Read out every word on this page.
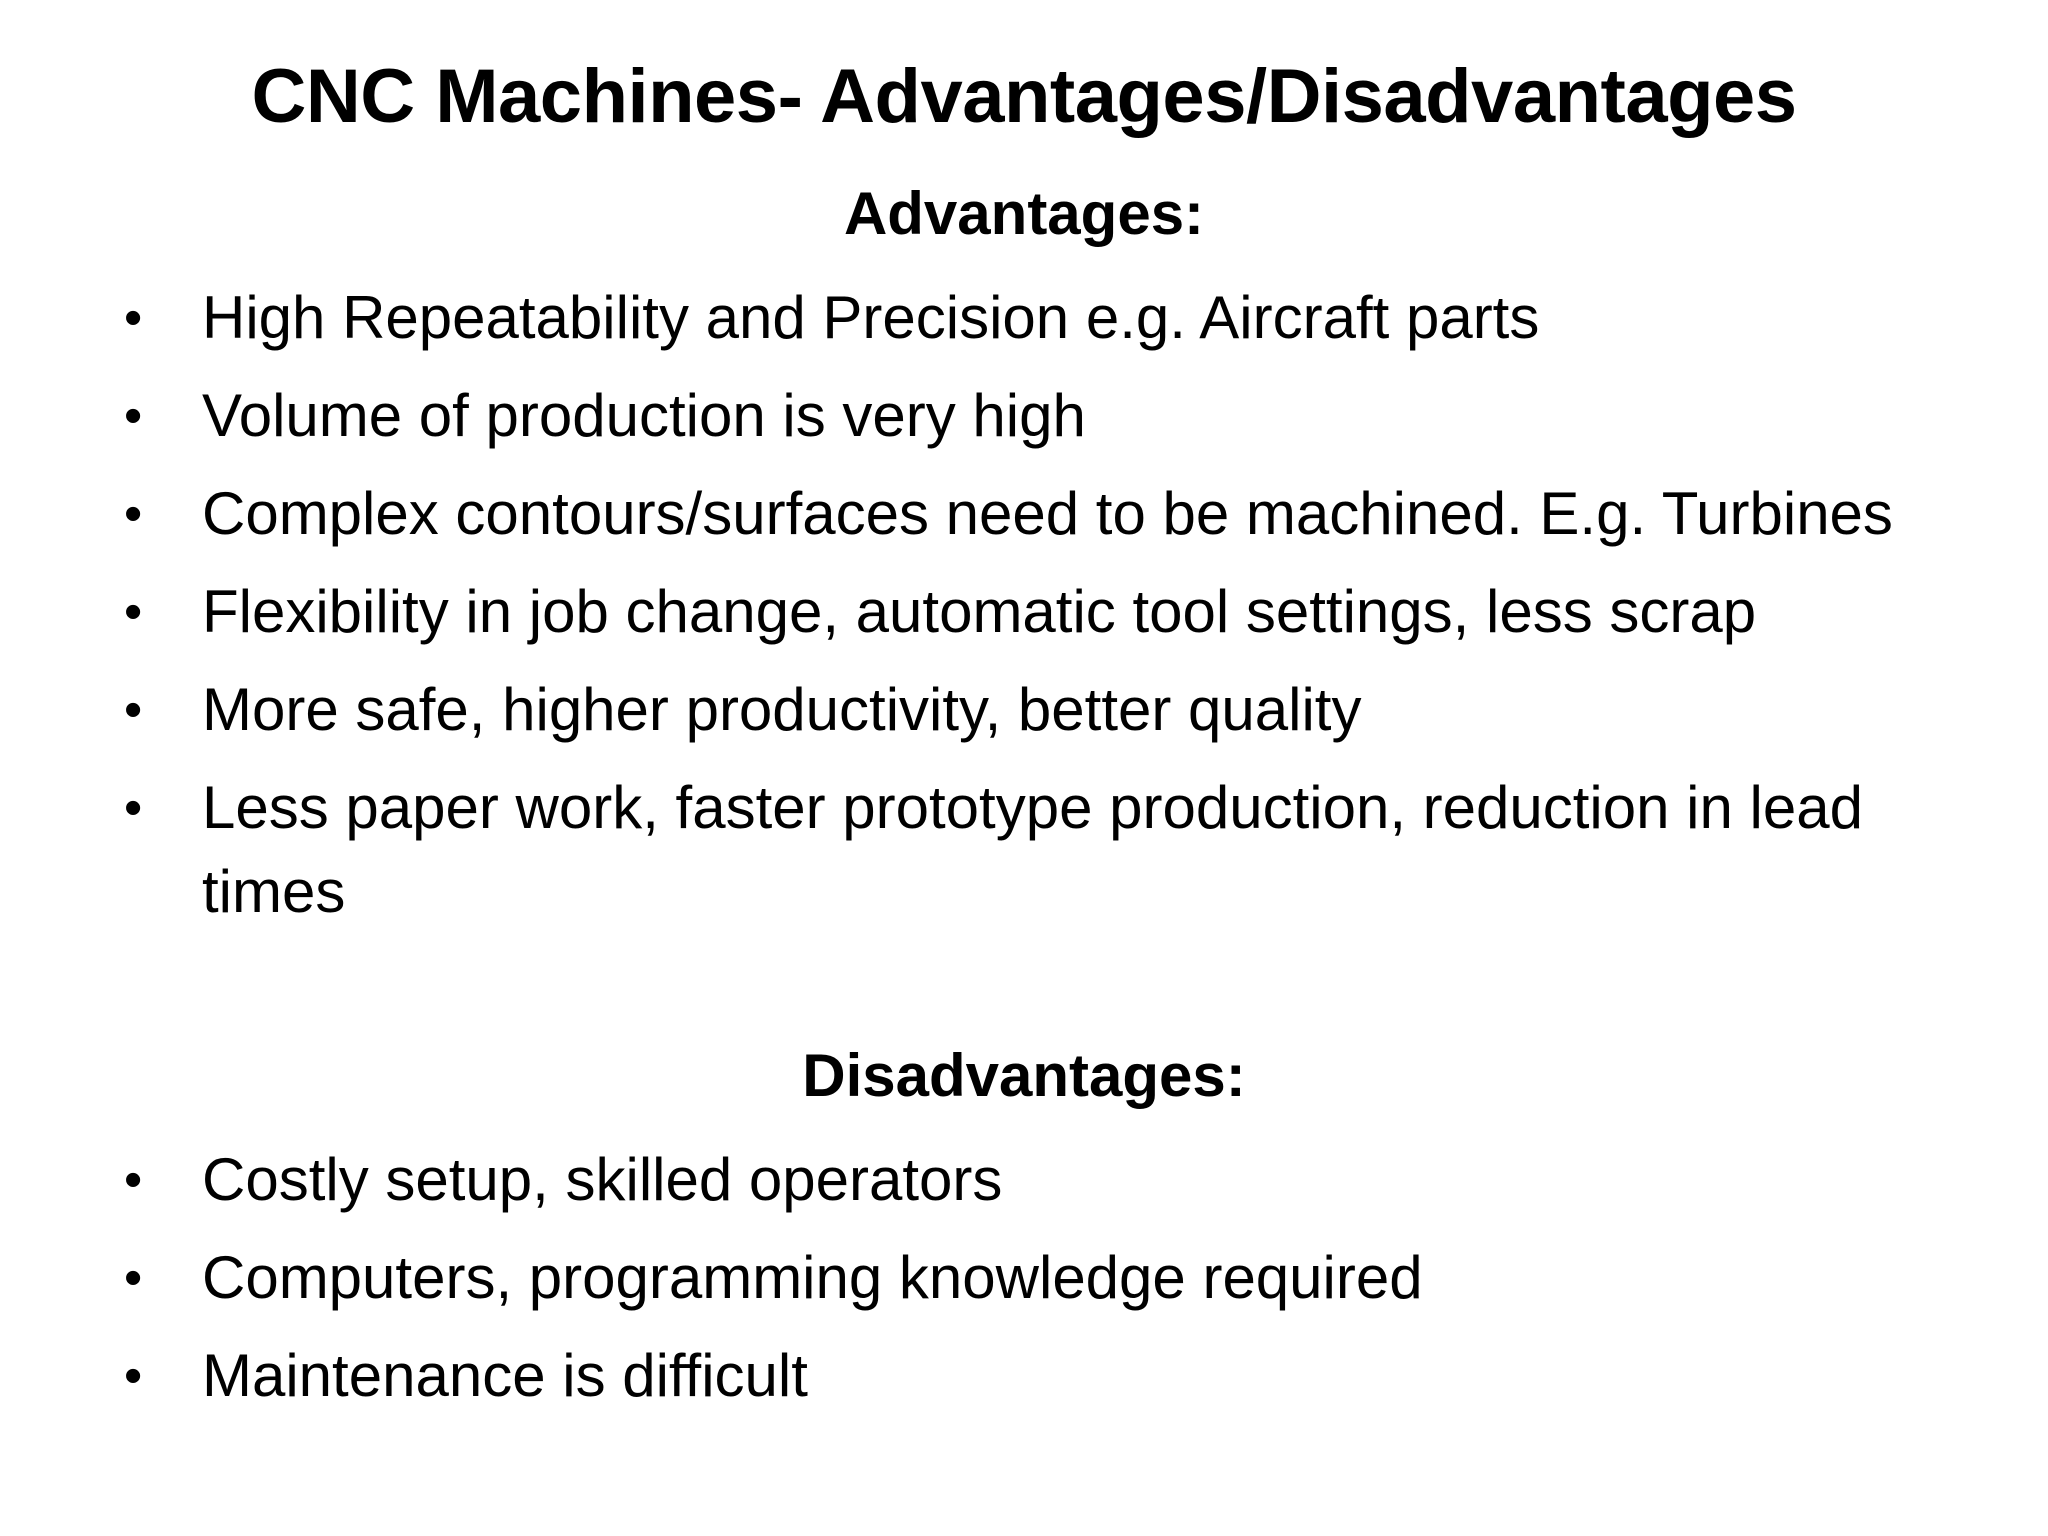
CNC Machines- Advantages/Disadvantages
Advantages:
• High Repeatability and Precision e.g. Aircraft parts
• Volume of production is very high
• Complex contours/surfaces need to be machined. E.g. Turbines
• Flexibility in job change, automatic tool settings, less scrap
• More safe, higher productivity, better quality
• Less paper work, faster prototype production, reduction in lead times
Disadvantages:
• Costly setup, skilled operators
• Computers, programming knowledge required
• Maintenance is difficult
